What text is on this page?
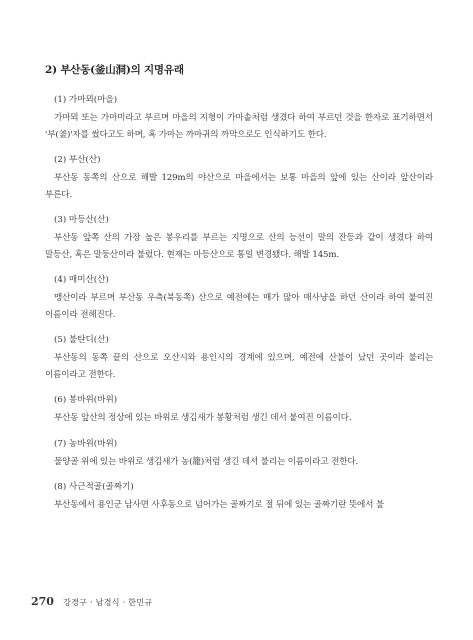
2) 부산동(釜山洞)의 지명유래
(1) 가마뫼(마을)
가마뫼 또는 가마미라고 부르며 마을의 지형이 가마솥처럼 생겼다 하여 부르던 것을 한자로 표기하면서 '부(釜)'자를 썼다고도 하며, 혹 가마는 까마귀의 까막으로도 인식하기도 한다.
(2) 부산(산)
부산동 동쪽의 산으로 해발 129m의 야산으로 마을에서는 보통 마을의 앞에 있는 산이라 앞산이라 부른다.
(3) 마등산(산)
부산동 앞쪽 산의 가장 높은 봉우리를 부르는 지명으로 산의 능선이 말의 잔등과 같이 생겼다 하여 말등산, 혹은 말둥산이라 불렀다. 현재는 마등산으로 통일 변경됐다. 해발 145m.
(4) 매미산(산)
맹산이라 부르며 부산동 우측(북동쪽) 산으로 예전에는 매가 많아 매사냥을 하던 산이라 하여 붙여진 이름이라 전해진다.
(5) 불탄디(산)
부산동의 동쪽 끝의 산으로 오산시와 용인시의 경계에 있으며, 예전에 산불이 났던 곳이라 불리는 이름이라고 전한다.
(6) 봉바위(바위)
부산동 앞산의 정상에 있는 바위로 생김새가 봉황처럼 생긴 데서 붙여진 이름이다.
(7) 농바위(바위)
물양골 위에 있는 바위로 생김새가 농(籠)처럼 생긴 데서 불리는 이름이라고 전한다.
(8) 사근적골(골짜기)
부산동에서 용인군 남사면 사후동으로 넘어가는 골짜기로 절 뒤에 있는 골짜기란 뜻에서 불
270 강경구 · 남경식 · 한민규
